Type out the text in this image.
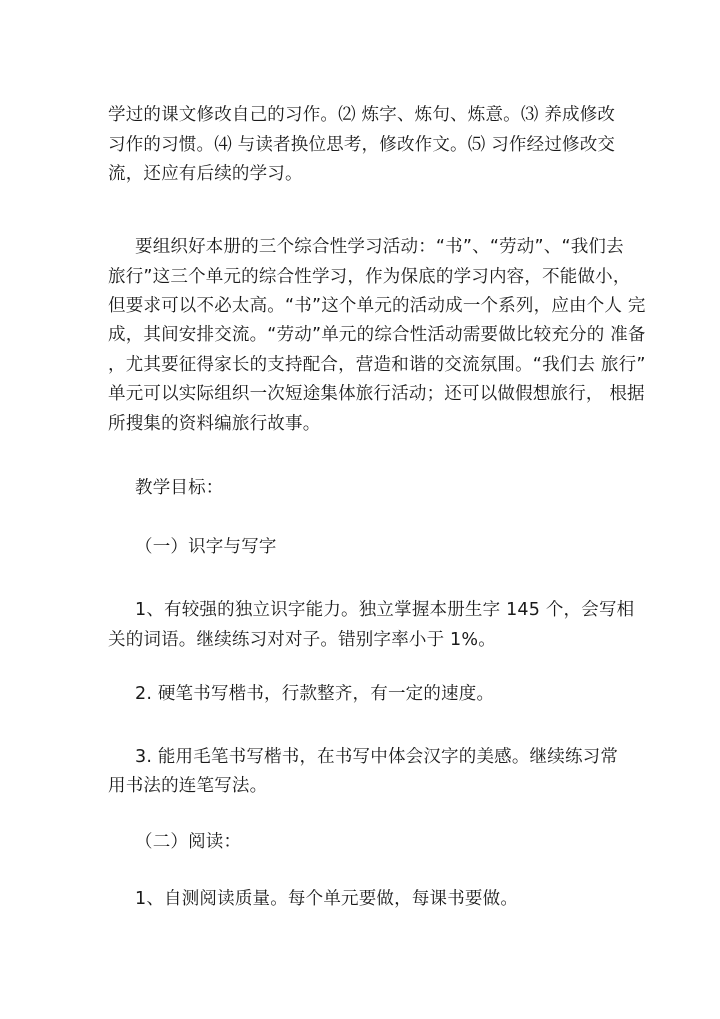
学过的课文修改自己的习作。⑵ 炼字、炼句、炼意。⑶ 养成修改
习作的习惯。⑷ 与读者换位思考，修改作文。⑸ 习作经过修改交
流，还应有后续的学习。
要组织好本册的三个综合性学习活动：“书”、“劳动”、“我们去
旅行”这三个单元的综合性学习，作为保底的学习内容，不能做小，
但要求可以不必太高。“书”这个单元的活动成一个系列，应由个人 完
成，其间安排交流。“劳动”单元的综合性活动需要做比较充分的 准备
，尤其要征得家长的支持配合，营造和谐的交流氛围。“我们去 旅行”
单元可以实际组织一次短途集体旅行活动；还可以做假想旅行， 根据
所搜集的资料编旅行故事。
教学目标：
（一）识字与写字
1、有较强的独立识字能力。独立掌握本册生字 145 个，会写相
关的词语。继续练习对对子。错别字率小于 1%。
2. 硬笔书写楷书，行款整齐，有一定的速度。
3. 能用毛笔书写楷书，在书写中体会汉字的美感。继续练习常
用书法的连笔写法。
（二）阅读：
1、自测阅读质量。每个单元要做，每课书要做。
